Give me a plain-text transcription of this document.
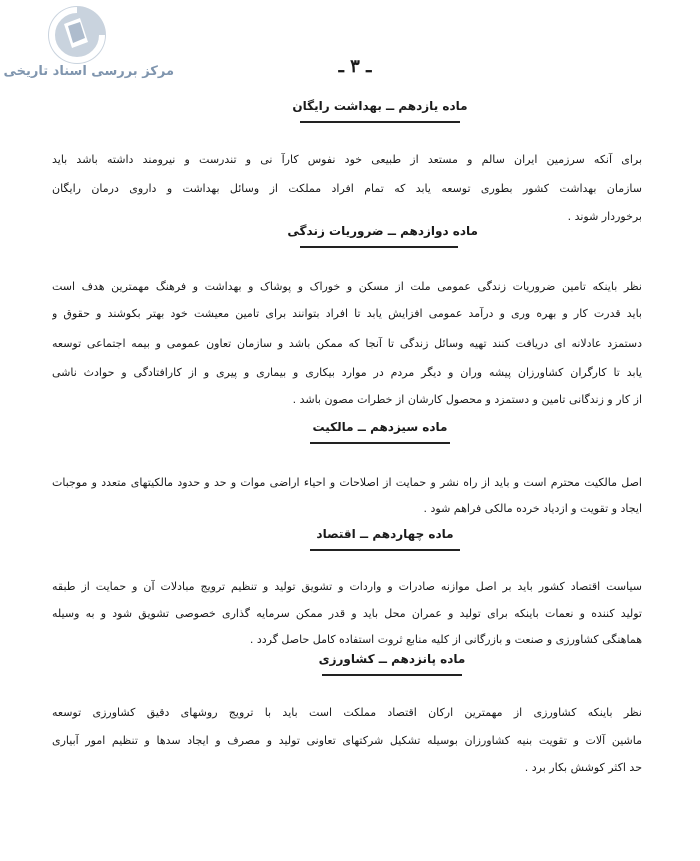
مرکز بررسی اسناد تاریخی	ـ ۳ ـ
ماده یازدهم ــ بهداشت رایگان
برای آنکه سرزمین ایران سالم و مستعد از طبیعی خود نفوس کارآ نی و تندرست و نیرومند داشته باشد باید
سازمان بهداشت کشور بطوری توسعه یابد که تمام افراد مملکت از وسائل بهداشت و داروی درمان رایگان
برخوردار شوند .
ماده دوازدهم ــ ضروریات زندگی
نظر باینکه تامین ضروریات زندگی عمومی ملت از مسکن و خوراک و پوشاک و بهداشت و فرهنگ مهمترین هدف است
باید قدرت کار و بهره وری و درآمد عمومی افزایش یابد تا افراد بتوانند برای تامین معیشت خود بهتر بکوشند و حقوق و
دستمزد عادلانه ای دریافت کنند تهیه وسائل زندگی تا آنجا که ممکن باشد و سازمان تعاون عمومی و بیمه اجتماعی توسعه
یابد تا کارگران کشاورزان پیشه وران و دیگر مردم در موارد بیکاری و بیماری و پیری و از کارافتادگی و حوادث ناشی
از کار و زندگانی تامین و دستمزد و محصول کارشان از خطرات مصون باشد .
ماده سیزدهم ــ مالکیت
اصل مالکیت محترم است و باید از راه نشر و حمایت از اصلاحات و احیاء اراضی موات و حد و حدود مالکیتهای متعدد و موجبات
ایجاد و تقویت و ازدیاد خرده مالکی فراهم شود .
ماده چهاردهم ــ اقتصاد
سیاست اقتصاد کشور باید بر اصل موازنه صادرات و واردات و تشویق تولید و تنظیم ترویج مبادلات آن و حمایت از طبقه
تولید کننده و نعمات باینکه برای تولید و عمران محل باید و قدر ممکن سرمایه گذاری خصوصی تشویق شود و به وسیله
هماهنگی کشاورزی و صنعت و بازرگانی از کلیه منابع ثروت استفاده کامل حاصل گردد .
ماده پانزدهم ــ کشاورزی
نظر باینکه کشاورزی از مهمترین ارکان اقتصاد مملکت است باید با ترویج روشهای دقیق کشاورزی توسعه
ماشین آلات و تقویت بنیه کشاورزان بوسیله تشکیل شرکتهای تعاونی تولید و مصرف و ایجاد سدها و تنظیم امور آبیاری
حد اکثر کوشش بکار برد .
